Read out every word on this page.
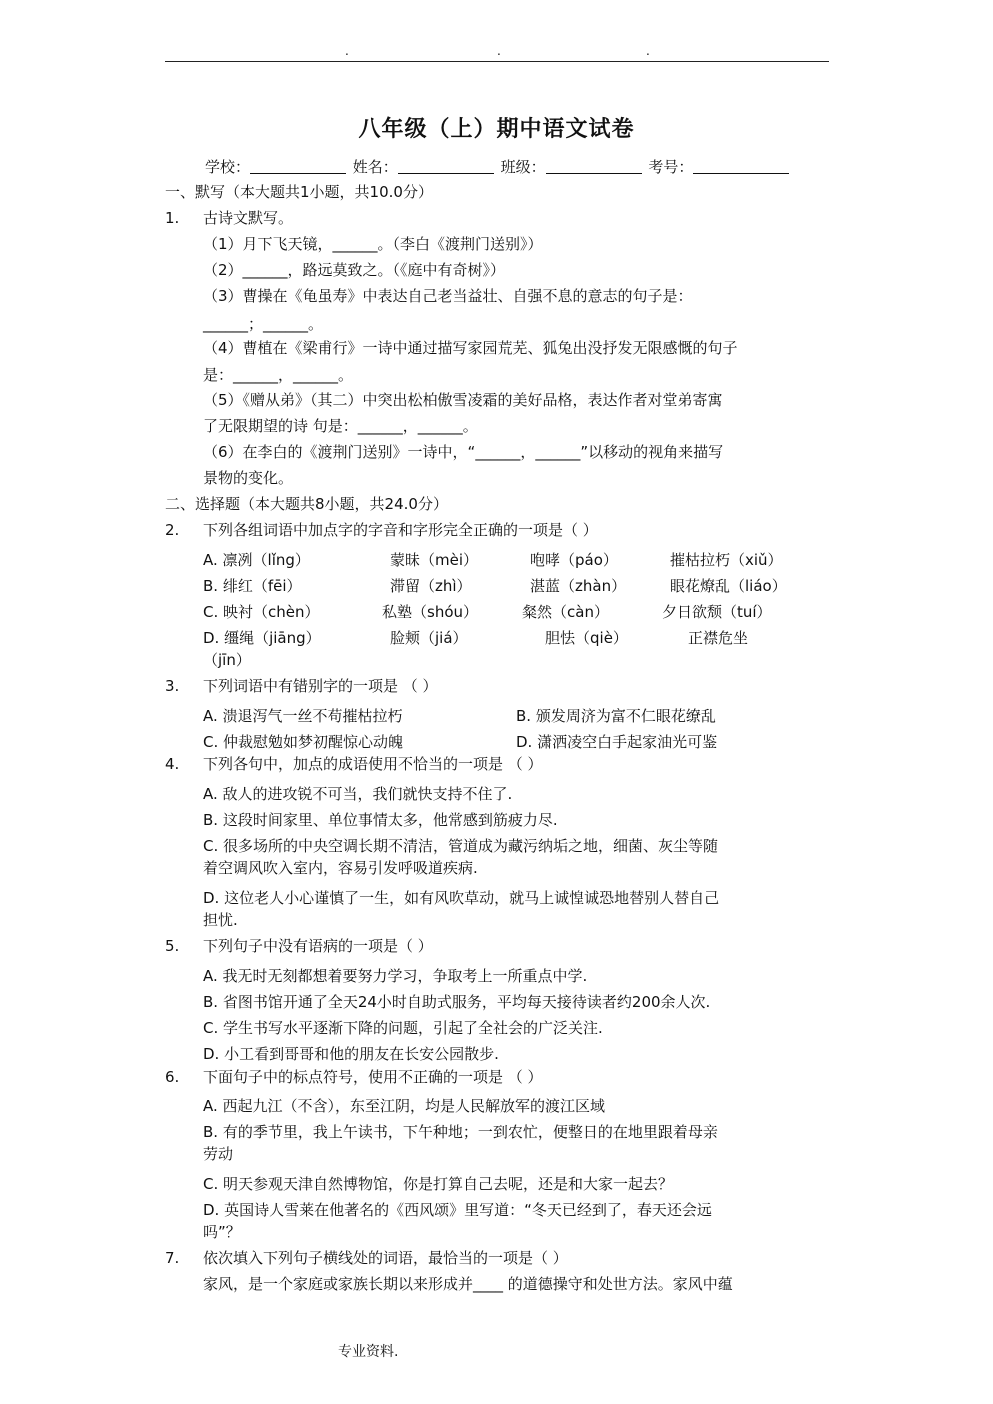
.	.	.
八年级（上）期中语文试卷
学校：	姓名：	班级：	考号：
一、默写（本大题共1小题，共10.0分）
1. 古诗文默写。
（1）月下飞天镜，______。（李白《渡荆门送别》）
（2）______，路远莫致之。（《庭中有奇树》）
（3）曹操在《龟虽寿》中表达自己老当益壮、自强不息的意志的句子是：
______；______。
（4）曹植在《梁甫行》一诗中通过描写家园荒芜、狐兔出没抒发无限感慨的句子
是：______，______。
（5）《赠从弟》（其二）中突出松柏傲雪凌霜的美好品格，表达作者对堂弟寄寓
了无限期望的诗 句是：______，______。
（6）在李白的《渡荆门送别》一诗中，“______，______”以移动的视角来描写
景物的变化。
二、选择题（本大题共8小题，共24.0分）
2. 下列各组词语中加点字的字音和字形完全正确的一项是（ ）
A. 凛冽（lǐng）	蒙昧（mèi）	咆哮（páo）	摧枯拉朽（xiǔ）
B. 绯红（fēi）	滞留（zhì）	湛蓝（zhàn）	眼花燎乱（liáo）
C. 映衬（chèn）	私塾（shóu）	粲然（càn）	夕日欲颓（tuí）
D. 缰绳（jiāng）	脸颊（jiá）	胆怯（qiè）	正襟危坐
（jīn）
3. 下列词语中有错别字的一项是 （ ）
A. 溃退泻气一丝不苟摧枯拉朽	B. 颁发周济为富不仁眼花缭乱
C. 仲裁慰勉如梦初醒惊心动魄	D. 潇洒凌空白手起家油光可鉴
4. 下列各句中，加点的成语使用不恰当的一项是 （ ）
A. 敌人的进攻锐不可当，我们就快支持不住了.
B. 这段时间家里、单位事情太多，他常感到筋疲力尽.
C. 很多场所的中央空调长期不清洁，管道成为藏污纳垢之地，细菌、灰尘等随
着空调风吹入室内，容易引发呼吸道疾病.
D. 这位老人小心谨慎了一生，如有风吹草动，就马上诚惶诚恐地替别人替自己
担忧.
5. 下列句子中没有语病的一项是（ ）
A. 我无时无刻都想着要努力学习，争取考上一所重点中学.
B. 省图书馆开通了全天24小时自助式服务，平均每天接待读者约200余人次.
C. 学生书写水平逐渐下降的问题，引起了全社会的广泛关注.
D. 小工看到哥哥和他的朋友在长安公园散步.
6. 下面句子中的标点符号，使用不正确的一项是 （ ）
A. 西起九江（不含），东至江阴，均是人民解放军的渡江区域
B. 有的季节里，我上午读书，下午种地；一到农忙，便整日的在地里跟着母亲
劳动
C. 明天参观天津自然博物馆，你是打算自己去呢，还是和大家一起去？
D. 英国诗人雪莱在他著名的《西风颂》里写道：“冬天已经到了，春天还会远
吗”？
7. 依次填入下列句子横线处的词语，最恰当的一项是（ ）
家风，是一个家庭或家族长期以来形成并____ 的道德操守和处世方法。家风中蕴
专业资料.
